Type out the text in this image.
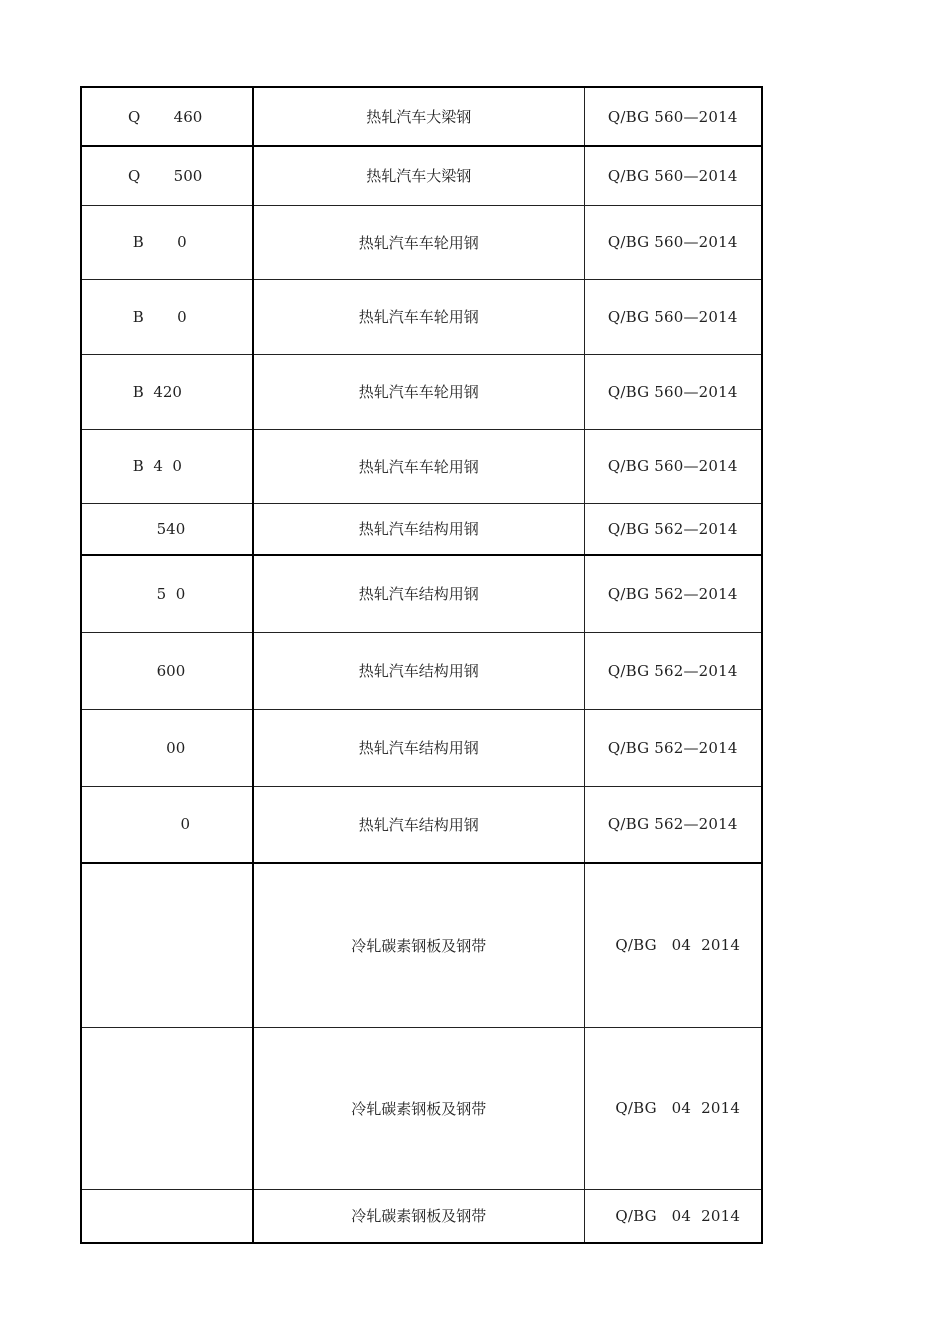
Q       460	热轧汽车大梁钢	Q/BG 560—2014
Q       500	热轧汽车大梁钢	Q/BG 560—2014
B       0	热轧汽车车轮用钢	Q/BG 560—2014
B       0	热轧汽车车轮用钢	Q/BG 560—2014
B  420	热轧汽车车轮用钢	Q/BG 560—2014
B  4  0	热轧汽车车轮用钢	Q/BG 560—2014
540	热轧汽车结构用钢	Q/BG 562—2014
5  0	热轧汽车结构用钢	Q/BG 562—2014
600	热轧汽车结构用钢	Q/BG 562—2014
00	热轧汽车结构用钢	Q/BG 562—2014
0	热轧汽车结构用钢	Q/BG 562—2014
	冷轧碳素钢板及钢带	Q/BG   04  2014
	冷轧碳素钢板及钢带	Q/BG   04  2014
	冷轧碳素钢板及钢带	Q/BG   04  2014
